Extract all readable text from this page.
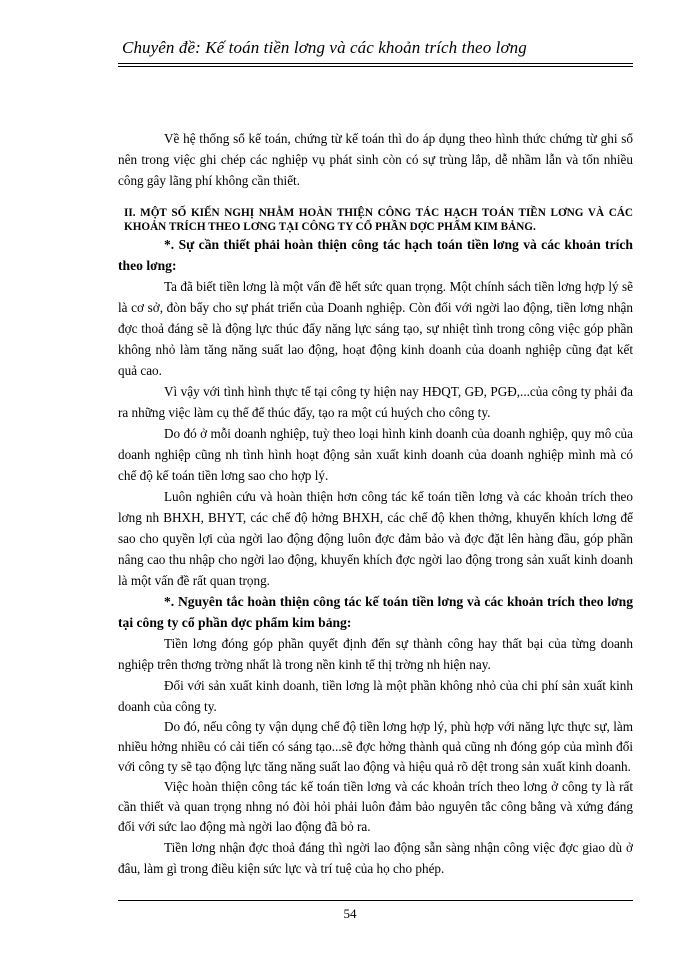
Chuyên đề: Kế toán tiền lơng và các khoản trích theo lơng

Về hệ thống sổ kế toán, chứng từ kế toán thì do áp dụng theo hình thức chứng từ ghi sổ nên trong việc ghi chép các nghiệp vụ phát sinh còn có sự trùng lắp, dễ nhầm lẫn và tốn nhiều công gây lãng phí không cần thiết.

II. MỘT SỐ KIẾN NGHỊ NHẰM HOÀN THIỆN CÔNG TÁC HẠCH TOÁN TIỀN LƠNG VÀ CÁC KHOẢN TRÍCH THEO LƠNG TẠI CÔNG TY CỔ PHẦN DỢC PHẨM KIM BẢNG.

*. Sự cần thiết phải hoàn thiện công tác hạch toán tiền lơng và các khoản trích theo lơng:

Ta đã biết tiền lơng là một vấn đề hết sức quan trọng. Một chính sách tiền lơng hợp lý sẽ là cơ sở, đòn bẩy cho sự phát triển của Doanh nghiệp. Còn đối với ngời lao động, tiền lơng nhận đợc thoả đáng sẽ là động lực thúc đẩy năng lực sáng tạo, sự nhiệt tình trong công việc góp phần không nhỏ làm tăng năng suất lao động, hoạt động kinh doanh của doanh nghiệp cũng đạt kết quả cao.

Vì vậy với tình hình thực tế tại công ty hiện nay HĐQT, GĐ, PGĐ,...của công ty phải đa ra những việc làm cụ thể để thúc đẩy, tạo ra một cú huých cho công ty.

Do đó ở mỗi doanh nghiệp, tuỳ theo loại hình kinh doanh của doanh nghiệp, quy mô của doanh nghiệp cũng nh tình hình hoạt động sản xuất kinh doanh của doanh nghiệp mình mà có chế độ kế toán tiền lơng sao cho hợp lý.

Luôn nghiên cứu và hoàn thiện hơn công tác kế toán tiền lơng và các khoản trích theo lơng nh BHXH, BHYT, các chế độ hởng BHXH, các chế độ khen thởng, khuyến khích lơng để sao cho quyền lợi của ngời lao động động luôn đợc đảm bảo và đợc đặt lên hàng đầu, góp phần nâng cao thu nhập cho ngời lao động, khuyến khích đợc ngời lao động trong sản xuất kinh doanh là một vấn đề rất quan trọng.

*. Nguyên tắc hoàn thiện công tác kế toán tiền lơng và các khoản trích theo lơng tại công ty cổ phần dợc phẩm kim bảng:

Tiền lơng đóng góp phần quyết định đến sự thành công hay thất bại của từng doanh nghiệp trên thơng trờng nhất là trong nền kinh tế thị trờng nh hiện nay.

Đối với sản xuất kinh doanh, tiền lơng là một phần không nhỏ của chi phí sản xuất kinh doanh của công ty.

Do đó, nếu công ty vận dụng chế độ tiền lơng hợp lý, phù hợp với năng lực thực sự, làm nhiều hởng nhiều có cải tiến có sáng tạo...sẽ đợc hởng thành quả cũng nh đóng góp của mình đối với công ty sẽ tạo động lực tăng năng suất lao động và hiệu quả rõ dệt trong sản xuất kinh doanh.

Việc hoàn thiện công tác kế toán tiền lơng và các khoản trích theo lơng ở công ty là rất cần thiết và quan trọng nhng nó đòi hỏi phải luôn đảm bảo nguyên tắc công bằng và xứng đáng đối với sức lao động mà ngời lao động đã bỏ ra.

Tiền lơng nhận đợc thoả đáng thì ngời lao động sẵn sàng nhận công việc đợc giao dù ở đâu, làm gì trong điều kiện sức lực và trí tuệ của họ cho phép.

54
